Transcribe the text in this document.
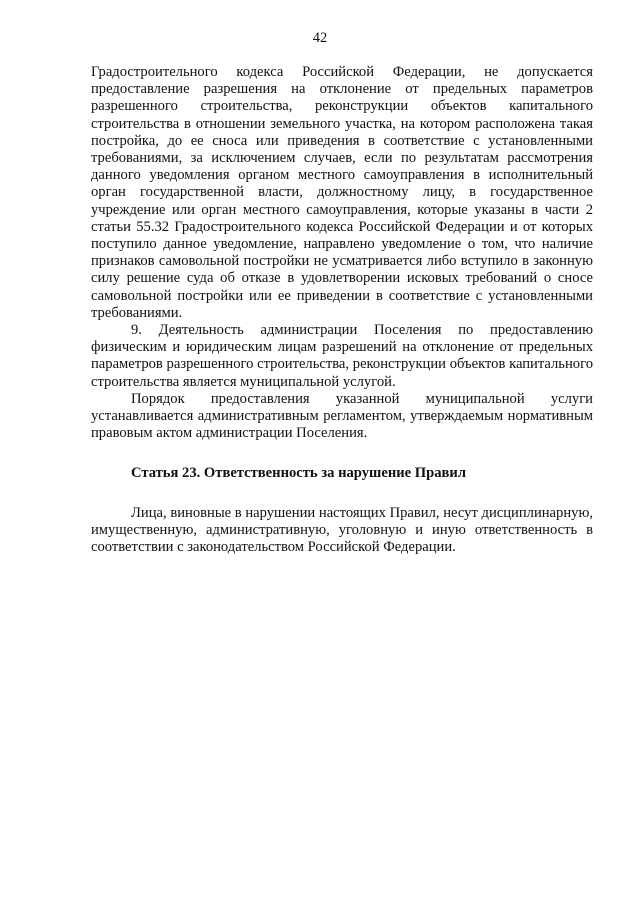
42

Градостроительного кодекса Российской Федерации, не допускается предоставление разрешения на отклонение от предельных параметров разрешенного строительства, реконструкции объектов капитального строительства в отношении земельного участка, на котором расположена такая постройка, до ее сноса или приведения в соответствие с установленными требованиями, за исключением случаев, если по результатам рассмотрения данного уведомления органом местного самоуправления в исполнительный орган государственной власти, должностному лицу, в государственное учреждение или орган местного самоуправления, которые указаны в части 2 статьи 55.32 Градостроительного кодекса Российской Федерации и от которых поступило данное уведомление, направлено уведомление о том, что наличие признаков самовольной постройки не усматривается либо вступило в законную силу решение суда об отказе в удовлетворении исковых требований о сносе самовольной постройки или ее приведении в соответствие с установленными требованиями.

9. Деятельность администрации Поселения по предоставлению физическим и юридическим лицам разрешений на отклонение от предельных параметров разрешенного строительства, реконструкции объектов капитального строительства является муниципальной услугой.

Порядок предоставления указанной муниципальной услуги устанавливается административным регламентом, утверждаемым нормативным правовым актом администрации Поселения.

Статья 23. Ответственность за нарушение Правил

Лица, виновные в нарушении настоящих Правил, несут дисциплинарную, имущественную, административную, уголовную и иную ответственность в соответствии с законодательством Российской Федерации.
